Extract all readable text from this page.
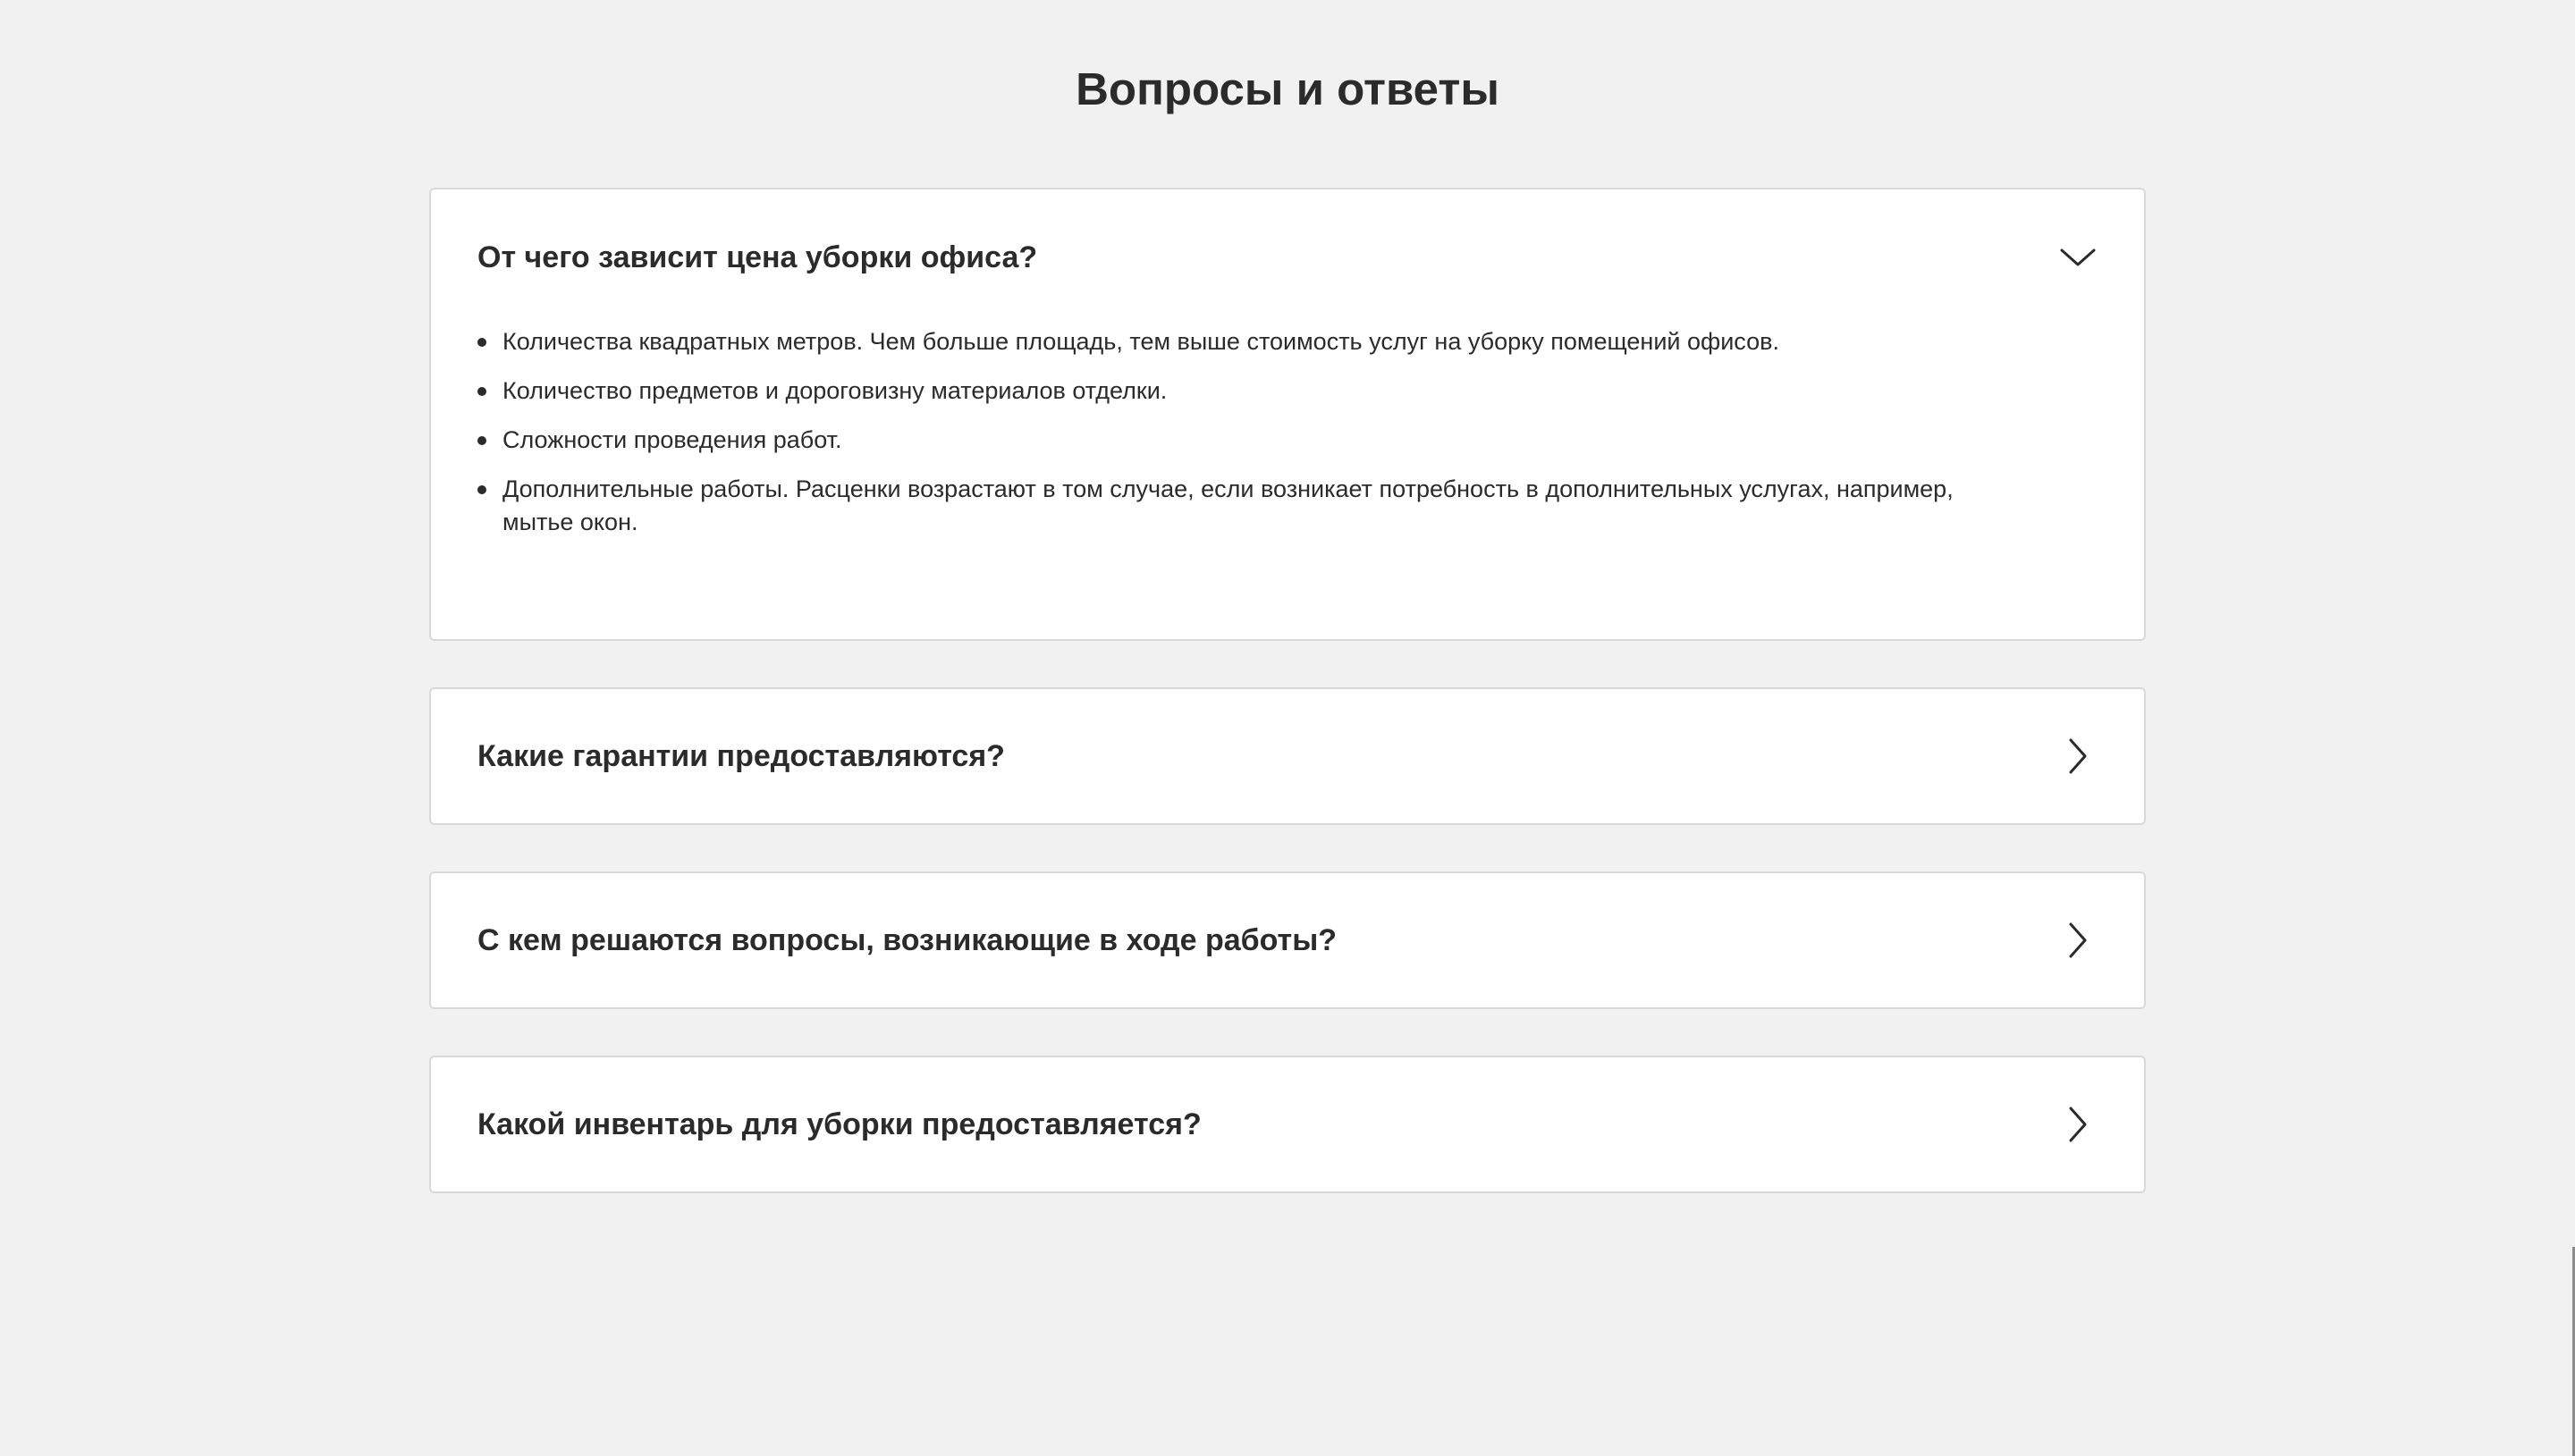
Вопросы и ответы
От чего зависит цена уборки офиса?
Количества квадратных метров. Чем больше площадь, тем выше стоимость услуг на уборку помещений офисов.
Количество предметов и дороговизну материалов отделки.
Сложности проведения работ.
Дополнительные работы. Расценки возрастают в том случае, если возникает потребность в дополнительных услугах, например, мытье окон.
Какие гарантии предоставляются?
С кем решаются вопросы, возникающие в ходе работы?
Какой инвентарь для уборки предоставляется?
